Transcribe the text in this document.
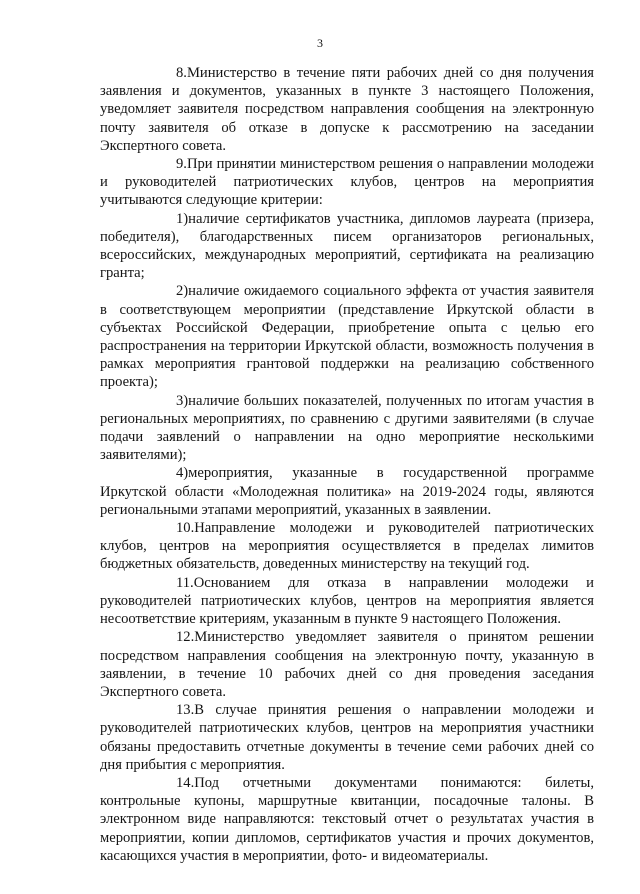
3

8.Министерство в течение пяти рабочих дней со дня получения заявления и документов, указанных в пункте 3 настоящего Положения, уведомляет заявителя посредством направления сообщения на электронную почту заявителя об отказе в допуске к рассмотрению на заседании Экспертного совета.

9.При принятии министерством решения о направлении молодежи и руководителей патриотических клубов, центров на мероприятия учитываются следующие критерии:

1)наличие сертификатов участника, дипломов лауреата (призера, победителя), благодарственных писем организаторов региональных, всероссийских, международных мероприятий, сертификата на реализацию гранта;

2)наличие ожидаемого социального эффекта от участия заявителя в соответствующем мероприятии (представление Иркутской области в субъектах Российской Федерации, приобретение опыта с целью его распространения на территории Иркутской области, возможность получения в рамках мероприятия грантовой поддержки на реализацию собственного проекта);

3)наличие больших показателей, полученных по итогам участия в региональных мероприятиях, по сравнению с другими заявителями (в случае подачи заявлений о направлении на одно мероприятие несколькими заявителями);

4)мероприятия, указанные в государственной программе Иркутской области «Молодежная политика» на 2019-2024 годы, являются региональными этапами мероприятий, указанных в заявлении.

10.Направление молодежи и руководителей патриотических клубов, центров на мероприятия осуществляется в пределах лимитов бюджетных обязательств, доведенных министерству на текущий год.

11.Основанием для отказа в направлении молодежи и руководителей патриотических клубов, центров на мероприятия является несоответствие критериям, указанным в пункте 9 настоящего Положения.

12.Министерство уведомляет заявителя о принятом решении посредством направления сообщения на электронную почту, указанную в заявлении, в течение 10 рабочих дней со дня проведения заседания Экспертного совета.

13.В случае принятия решения о направлении молодежи и руководителей патриотических клубов, центров на мероприятия участники обязаны предоставить отчетные документы в течение семи рабочих дней со дня прибытия с мероприятия.

14.Под отчетными документами понимаются: билеты, контрольные купоны, маршрутные квитанции, посадочные талоны. В электронном виде направляются: текстовый отчет о результатах участия в мероприятии, копии дипломов, сертификатов участия и прочих документов, касающихся участия в мероприятии, фото- и видеоматериалы.
